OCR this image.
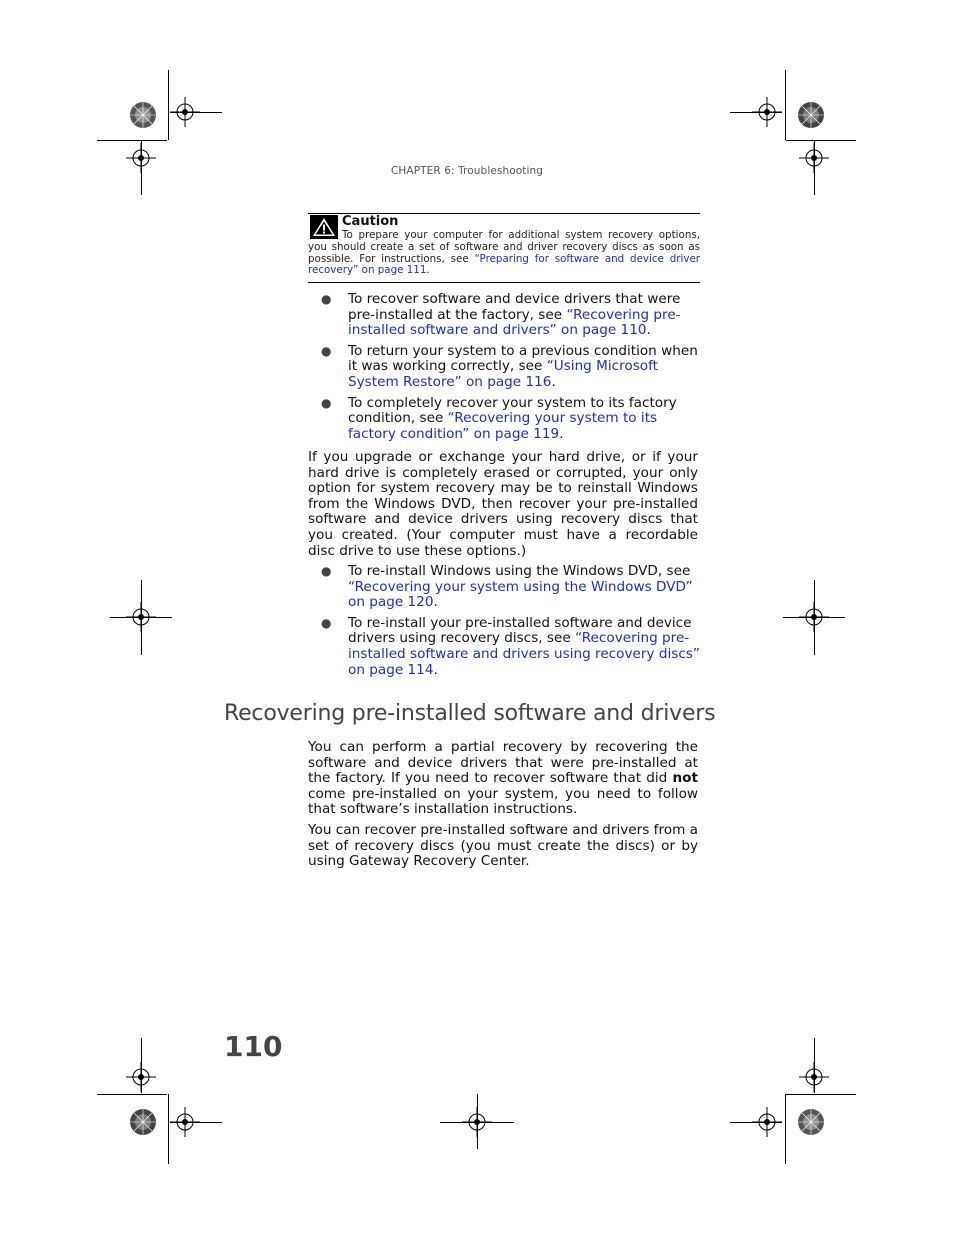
CHAPTER 6: Troubleshooting
Caution
To prepare your computer for additional system recovery options, you should create a set of software and driver recovery discs as soon as possible. For instructions, see “Preparing for software and device driver recovery” on page 111.
● To recover software and device drivers that were pre-installed at the factory, see “Recovering pre-installed software and drivers” on page 110.
● To return your system to a previous condition when it was working correctly, see “Using Microsoft System Restore” on page 116.
● To completely recover your system to its factory condition, see “Recovering your system to its factory condition” on page 119.
If you upgrade or exchange your hard drive, or if your hard drive is completely erased or corrupted, your only option for system recovery may be to reinstall Windows from the Windows DVD, then recover your pre-installed software and device drivers using recovery discs that you created. (Your computer must have a recordable disc drive to use these options.)
● To re-install Windows using the Windows DVD, see “Recovering your system using the Windows DVD” on page 120.
● To re-install your pre-installed software and device drivers using recovery discs, see “Recovering pre-installed software and drivers using recovery discs” on page 114.
Recovering pre-installed software and drivers
You can perform a partial recovery by recovering the software and device drivers that were pre-installed at the factory. If you need to recover software that did not come pre-installed on your system, you need to follow that software’s installation instructions.
You can recover pre-installed software and drivers from a set of recovery discs (you must create the discs) or by using Gateway Recovery Center.
110
